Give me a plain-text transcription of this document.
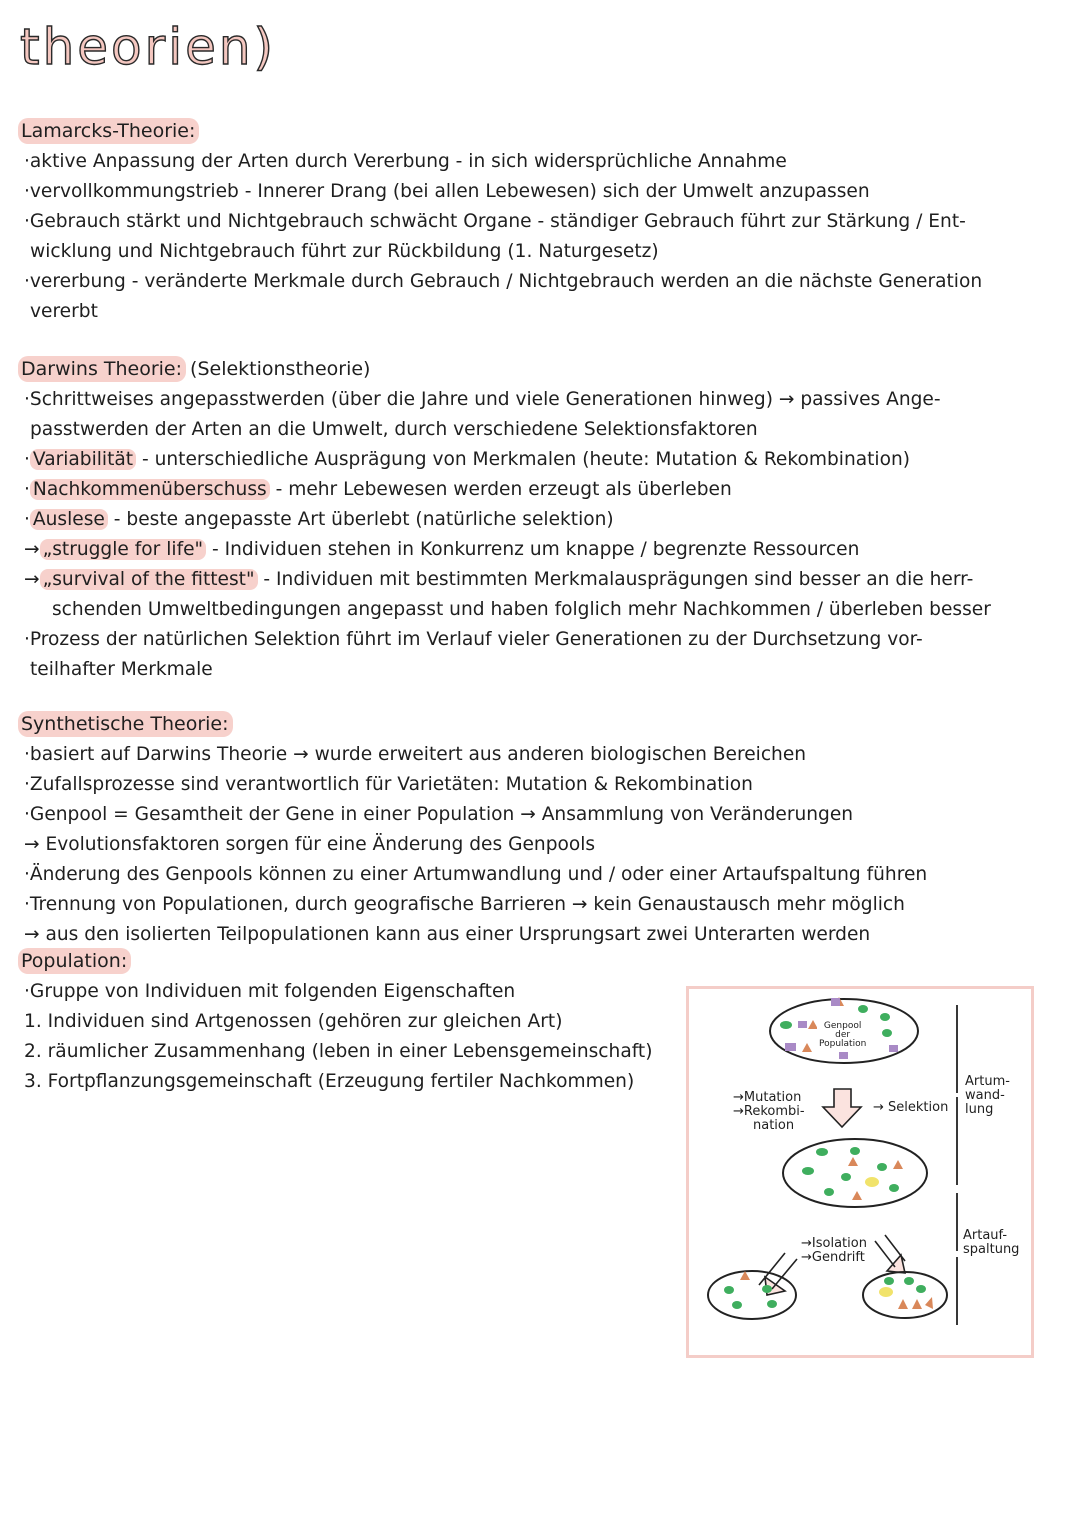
theorien)
Lamarcks-Theorie:
·aktive Anpassung der Arten durch Vererbung - in sich widersprüchliche Annahme
·vervollkommungstrieb - Innerer Drang (bei allen Lebewesen) sich der Umwelt anzupassen
·Gebrauch stärkt und Nichtgebrauch schwächt Organe - ständiger Gebrauch führt zur Stärkung / Ent-
wicklung und Nichtgebrauch führt zur Rückbildung (1. Naturgesetz)
·vererbung - veränderte Merkmale durch Gebrauch / Nichtgebrauch werden an die nächste Generation
vererbt
Darwins Theorie: (Selektionstheorie)
·Schrittweises angepasstwerden (über die Jahre und viele Generationen hinweg) → passives Ange-
passtwerden der Arten an die Umwelt, durch verschiedene Selektionsfaktoren
· Variabilität - unterschiedliche Ausprägung von Merkmalen (heute: Mutation & Rekombination)
· Nachkommenüberschuss - mehr Lebewesen werden erzeugt als überleben
· Auslese - beste angepasste Art überlebt (natürliche selektion)
→ „struggle for life" - Individuen stehen in Konkurrenz um knappe / begrenzte Ressourcen
→ „survival of the fittest" - Individuen mit bestimmten Merkmalausprägungen sind besser an die herr-
schenden Umweltbedingungen angepasst und haben folglich mehr Nachkommen / überleben besser
·Prozess der natürlichen Selektion führt im Verlauf vieler Generationen zu der Durchsetzung vor-
teilhafter Merkmale
Synthetische Theorie:
·basiert auf Darwins Theorie → wurde erweitert aus anderen biologischen Bereichen
·Zufallsprozesse sind verantwortlich für Varietäten: Mutation & Rekombination
·Genpool = Gesamtheit der Gene in einer Population → Ansammlung von Veränderungen
→ Evolutionsfaktoren sorgen für eine Änderung des Genpools
·Änderung des Genpools können zu einer Artumwandlung und / oder einer Artaufspaltung führen
·Trennung von Populationen, durch geografische Barrieren → kein Genaustausch mehr möglich
→ aus den isolierten Teilpopulationen kann aus einer Ursprungsart zwei Unterarten werden
Population:
·Gruppe von Individuen mit folgenden Eigenschaften
1. Individuen sind Artgenossen (gehören zur gleichen Art)
2. räumlicher Zusammenhang (leben in einer Lebensgemeinschaft)
3. Fortpflanzungsgemeinschaft (Erzeugung fertiler Nachkommen)
Genpool
der
Population
→Mutation
→Rekombi-
nation
→ Selektion
Artum-
wand-
lung
→Isolation
→Gendrift
Artauf-
spaltung
